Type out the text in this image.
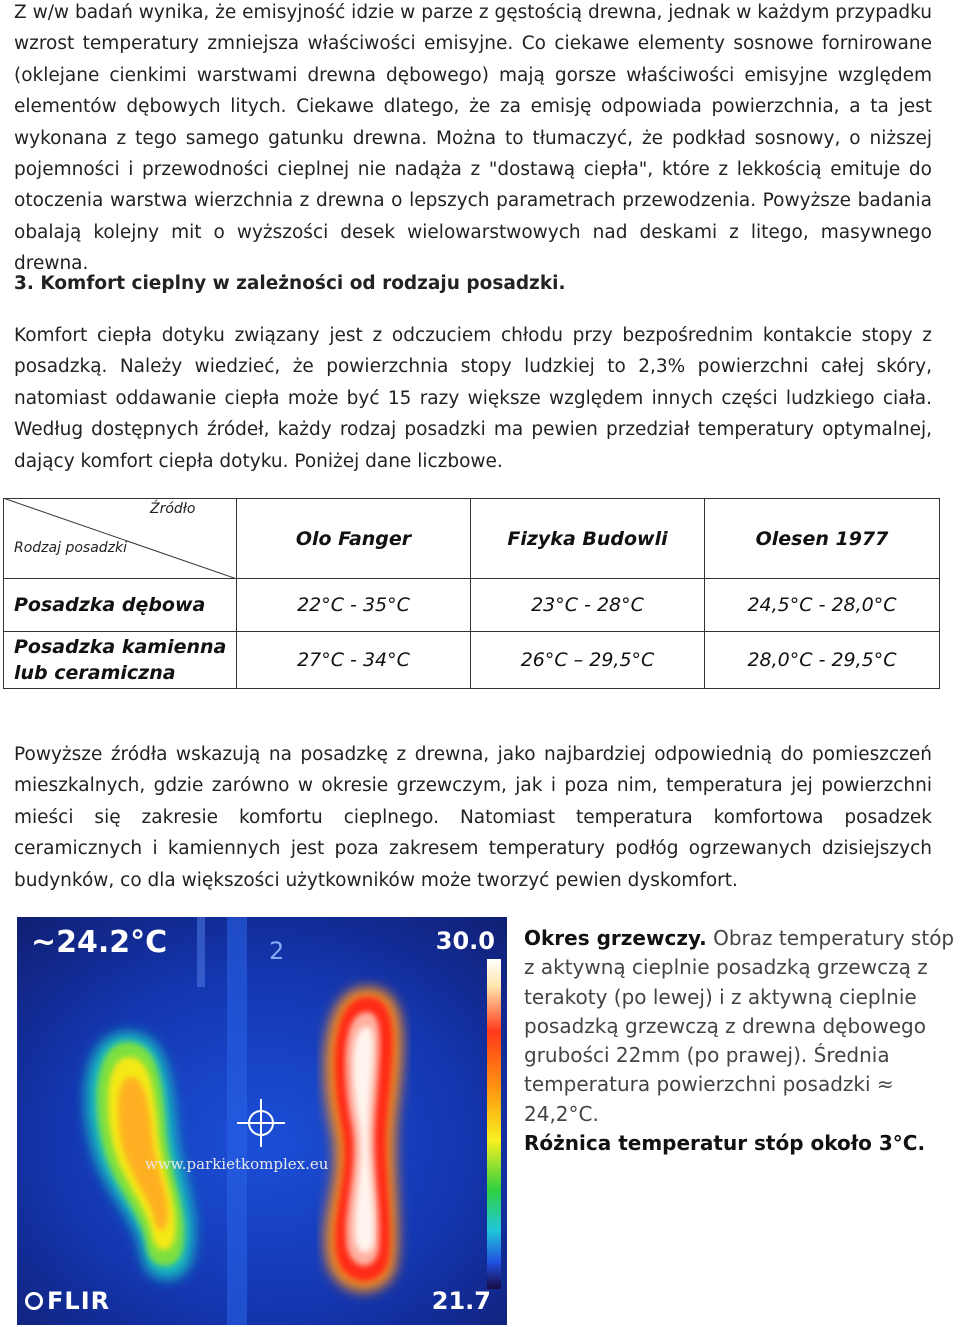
Z w/w badań wynika, że emisyjność idzie w parze z gęstością drewna, jednak w każdym przypadku wzrost temperatury zmniejsza właściwości emisyjne. Co ciekawe elementy sosnowe fornirowane (oklejane cienkimi warstwami drewna dębowego) mają gorsze właściwości emisyjne względem elementów dębowych litych. Ciekawe dlatego, że za emisję odpowiada powierzchnia, a ta jest wykonana z tego samego gatunku drewna. Można to tłumaczyć, że podkład sosnowy, o niższej pojemności i przewodności cieplnej nie nadąża z "dostawą ciepła", które z lekkością emituje do otoczenia warstwa wierzchnia z drewna o lepszych parametrach przewodzenia. Powyższe badania obalają kolejny mit o wyższości desek wielowarstwowych nad deskami z litego, masywnego drewna.

3. Komfort cieplny w zależności od rodzaju posadzki.

Komfort ciepła dotyku związany jest z odczuciem chłodu przy bezpośrednim kontakcie stopy z posadzką. Należy wiedzieć, że powierzchnia stopy ludzkiej to 2,3% powierzchni całej skóry, natomiast oddawanie ciepła może być 15 razy większe względem innych części ludzkiego ciała. Według dostępnych źródeł, każdy rodzaj posadzki ma pewien przedział temperatury optymalnej, dający komfort ciepła dotyku. Poniżej dane liczbowe.

Źródło
Rodzaj posadzki	Olo Fanger	Fizyka Budowli	Olesen 1977
Posadzka dębowa	22°C - 35°C	23°C - 28°C	24,5°C - 28,0°C
Posadzka kamienna
lub ceramiczna
27°C - 34°C	26°C – 29,5°C	28,0°C - 29,5°C

Powyższe źródła wskazują na posadzkę z drewna, jako najbardziej odpowiednią do pomieszczeń mieszkalnych, gdzie zarówno w okresie grzewczym, jak i poza nim, temperatura jej powierzchni mieści się zakresie komfortu cieplnego. Natomiast temperatura komfortowa posadzek ceramicznych i kamiennych jest poza zakresem temperatury podłóg ogrzewanych dzisiejszych budynków, co dla większości użytkowników może tworzyć pewien dyskomfort.

~24.2°C	30.0
21.7
2
www.parkietkomplex.eu
FLIR
Okres grzewczy. Obraz temperatury stóp z aktywną cieplnie posadzką grzewczą z terakoty (po lewej) i z aktywną cieplnie posadzką grzewczą z drewna dębowego grubości 22mm (po prawej). Średnia temperatura powierzchni posadzki ≈ 24,2°C.
Różnica temperatur stóp około 3°C.
